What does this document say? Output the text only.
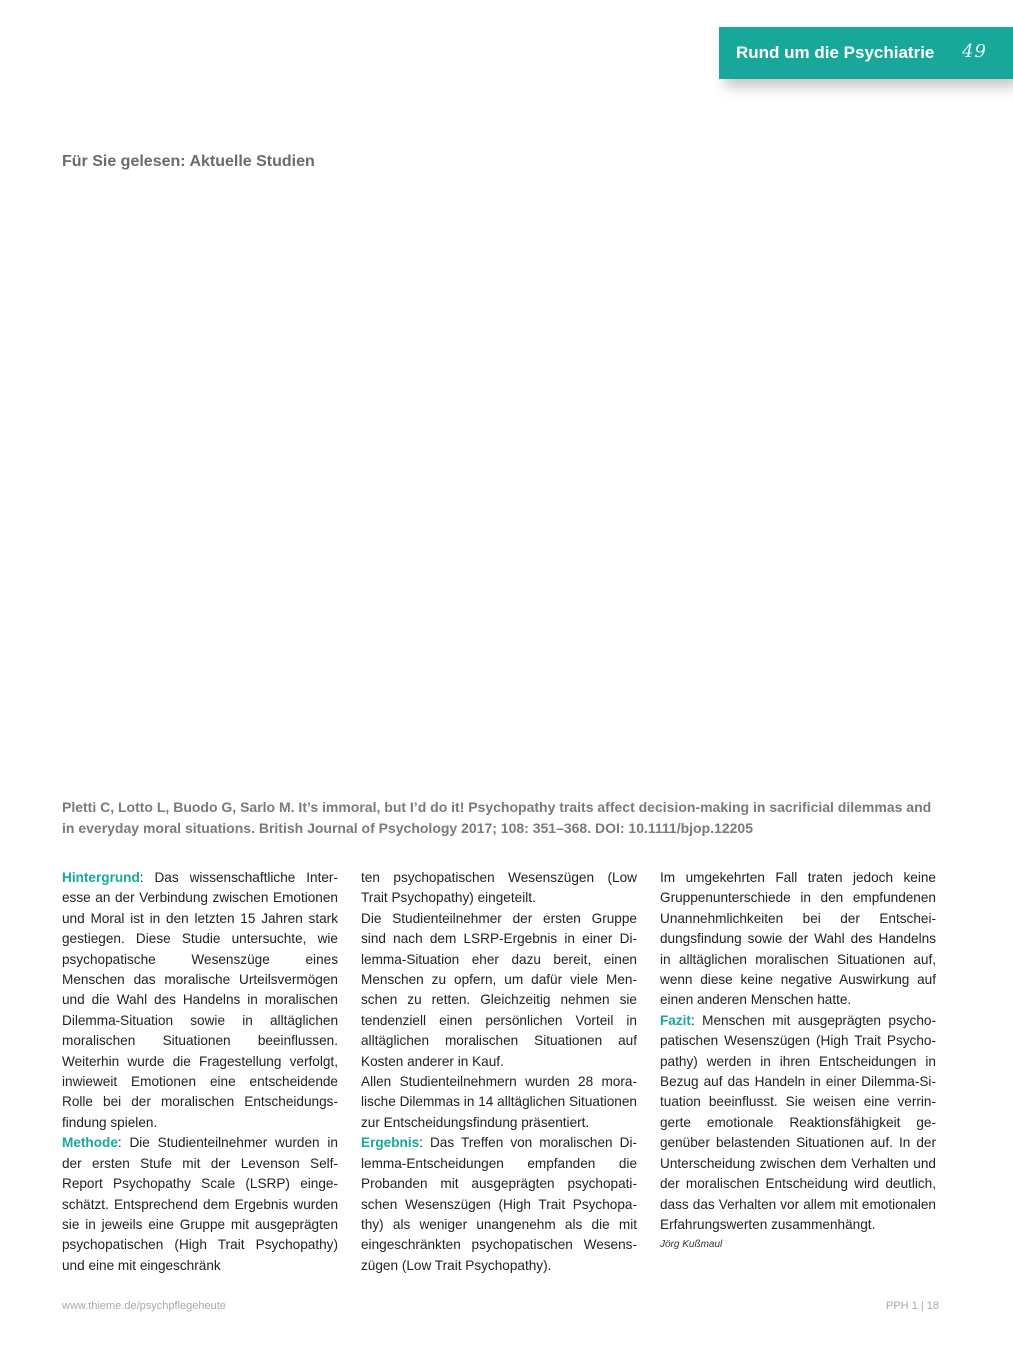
Rund um die Psychiatrie 49
Für Sie gelesen: Aktuelle Studien
Pletti C, Lotto L, Buodo G, Sarlo M. It’s immoral, but I’d do it! Psychopathy traits affect decision-making in sacrificial dilemmas and in everyday moral situations. British Journal of Psychology 2017; 108: 351–368. DOI: 10.1111/bjop.12205

Hintergrund: Das wissenschaftliche Interesse an der Verbindung zwischen Emotionen und Moral ist in den letzten 15 Jahren stark gestiegen. Diese Studie untersuchte, wie psychopatische Wesenszüge eines Menschen das moralische Urteilsvermögen und die Wahl des Handelns in moralischen Dilemma-Situation sowie in alltäglichen moralischen Situationen beeinflussen. Weiterhin wurde die Fragestellung verfolgt, inwieweit Emotionen eine entscheidende Rolle bei der moralischen Entscheidungsfindung spielen.

Methode: Die Studienteilnehmer wurden in der ersten Stufe mit der Levenson Self-Report Psychopathy Scale (LSRP) eingeschätzt. Entsprechend dem Ergebnis wurden sie in jeweils eine Gruppe mit ausgeprägten psychopatischen (High Trait Psychopathy) und eine mit eingeschränk

ten psychopatischen Wesenszügen (Low Trait Psychopathy) eingeteilt.

Die Studienteilnehmer der ersten Gruppe sind nach dem LSRP-Ergebnis in einer Dilemma-Situation eher dazu bereit, einen Menschen zu opfern, um dafür viele Menschen zu retten. Gleichzeitig nehmen sie tendenziell einen persönlichen Vorteil in alltäglichen moralischen Situationen auf Kosten anderer in Kauf.

Allen Studienteilnehmern wurden 28 moralische Dilemmas in 14 alltäglichen Situationen zur Entscheidungsfindung präsentiert.

Ergebnis: Das Treffen von moralischen Dilemma-Entscheidungen empfanden die Probanden mit ausgeprägten psychopatischen Wesenszügen (High Trait Psychopathy) als weniger unangenehm als die mit eingeschränkten psychopatischen Wesenszügen (Low Trait Psychopathy).

Im umgekehrten Fall traten jedoch keine Gruppenunterschiede in den empfundenen Unannehmlichkeiten bei der Entscheidungsfindung sowie der Wahl des Handelns in alltäglichen moralischen Situationen auf, wenn diese keine negative Auswirkung auf einen anderen Menschen hatte.

Fazit: Menschen mit ausgeprägten psychopatischen Wesenszügen (High Trait Psychopathy) werden in ihren Entscheidungen in Bezug auf das Handeln in einer Dilemma-Situation beeinflusst. Sie weisen eine verringerte emotionale Reaktionsfähigkeit gegenüber belastenden Situationen auf. In der Unterscheidung zwischen dem Verhalten und der moralischen Entscheidung wird deutlich, dass das Verhalten vor allem mit emotionalen Erfahrungswerten zusammenhängt.

Jörg Kußmaul

www.thieme.de/psychpflegeheute	PPH 1 | 18
